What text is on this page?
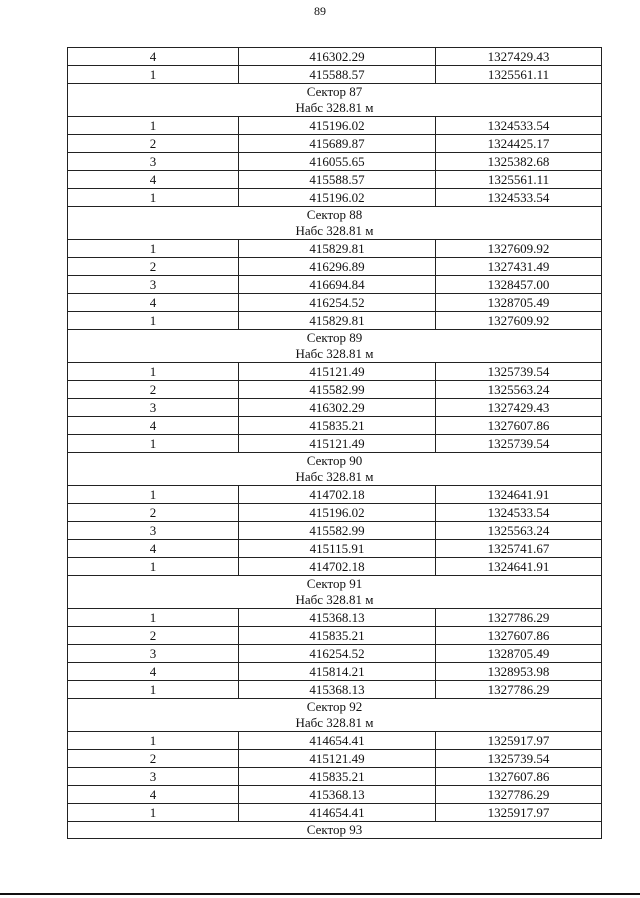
89
4	416302.29	1327429.43
1	415588.57	1325561.11
Сектор 87		
Набс 328.81 м		
1	415196.02	1324533.54
2	415689.87	1324425.17
3	416055.65	1325382.68
4	415588.57	1325561.11
1	415196.02	1324533.54
Сектор 88		
Набс 328.81 м		
1	415829.81	1327609.92
2	416296.89	1327431.49
3	416694.84	1328457.00
4	416254.52	1328705.49
1	415829.81	1327609.92
Сектор 89		
Набс 328.81 м		
1	415121.49	1325739.54
2	415582.99	1325563.24
3	416302.29	1327429.43
4	415835.21	1327607.86
1	415121.49	1325739.54
Сектор 90		
Набс 328.81 м		
1	414702.18	1324641.91
2	415196.02	1324533.54
3	415582.99	1325563.24
4	415115.91	1325741.67
1	414702.18	1324641.91
Сектор 91		
Набс 328.81 м		
1	415368.13	1327786.29
2	415835.21	1327607.86
3	416254.52	1328705.49
4	415814.21	1328953.98
1	415368.13	1327786.29
Сектор 92		
Набс 328.81 м		
1	414654.41	1325917.97
2	415121.49	1325739.54
3	415835.21	1327607.86
4	415368.13	1327786.29
1	414654.41	1325917.97
Сектор 93		
